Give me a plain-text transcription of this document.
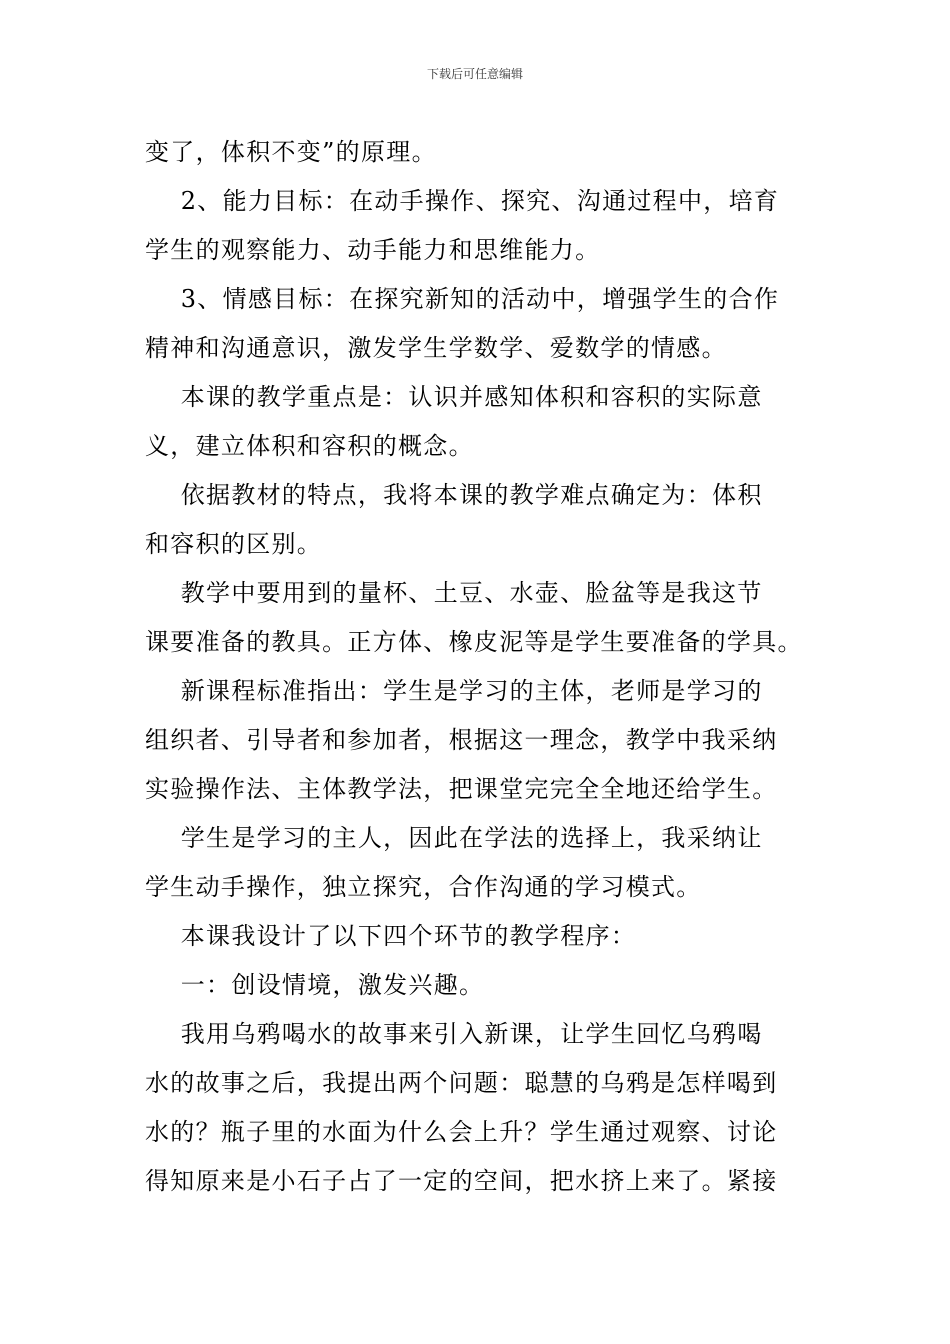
下载后可任意编辑

变了，体积不变”的原理。

2、能力目标：在动手操作、探究、沟通过程中，培育

学生的观察能力、动手能力和思维能力。

3、情感目标：在探究新知的活动中，增强学生的合作

精神和沟通意识，激发学生学数学、爱数学的情感。

本课的教学重点是：认识并感知体积和容积的实际意

义，建立体积和容积的概念。

依据教材的特点，我将本课的教学难点确定为：体积

和容积的区别。

教学中要用到的量杯、土豆、水壶、脸盆等是我这节

课要准备的教具。正方体、橡皮泥等是学生要准备的学具。

新课程标准指出：学生是学习的主体，老师是学习的

组织者、引导者和参加者，根据这一理念，教学中我采纳

实验操作法、主体教学法，把课堂完完全全地还给学生。

学生是学习的主人，因此在学法的选择上，我采纳让

学生动手操作，独立探究，合作沟通的学习模式。

本课我设计了以下四个环节的教学程序：

一：创设情境，激发兴趣。

我用乌鸦喝水的故事来引入新课，让学生回忆乌鸦喝

水的故事之后，我提出两个问题：聪慧的乌鸦是怎样喝到

水的？瓶子里的水面为什么会上升？学生通过观察、讨论

得知原来是小石子占了一定的空间，把水挤上来了。紧接
